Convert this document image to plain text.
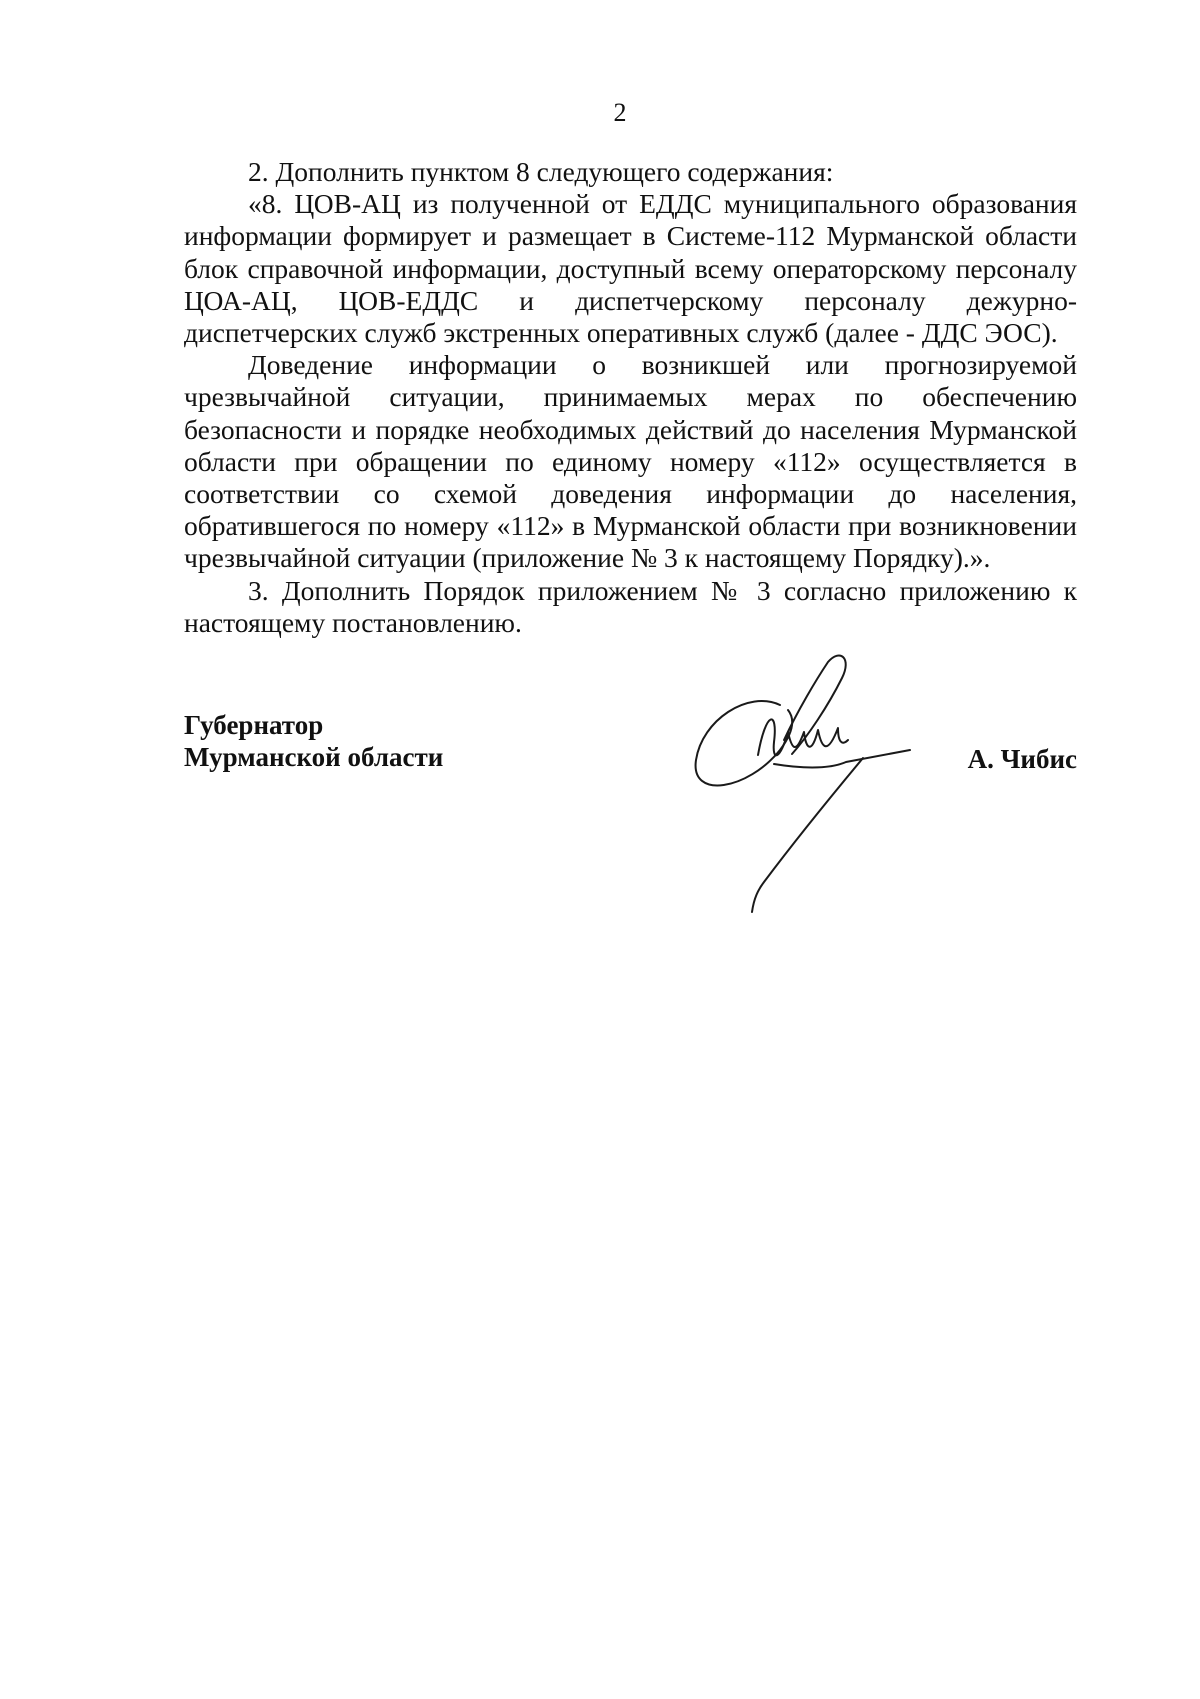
2

2. Дополнить пунктом 8 следующего содержания:

«8. ЦОВ-АЦ из полученной от ЕДДС муниципального образования информации формирует и размещает в Системе-112 Мурманской области блок справочной информации, доступный всему операторскому персоналу ЦОА-АЦ, ЦОВ-ЕДДС и диспетчерскому персоналу дежурно-диспетчерских служб экстренных оперативных служб (далее - ДДС ЭОС).

Доведение информации о возникшей или прогнозируемой чрезвычайной ситуации, принимаемых мерах по обеспечению безопасности и порядке необходимых действий до населения Мурманской области при обращении по единому номеру «112» осуществляется в соответствии со схемой доведения информации до населения, обратившегося по номеру «112» в Мурманской области при возникновении чрезвычайной ситуации (приложение № 3 к настоящему Порядку).».

3. Дополнить Порядок приложением № 3 согласно приложению к настоящему постановлению.

Губернатор
Мурманской области	А. Чибис
